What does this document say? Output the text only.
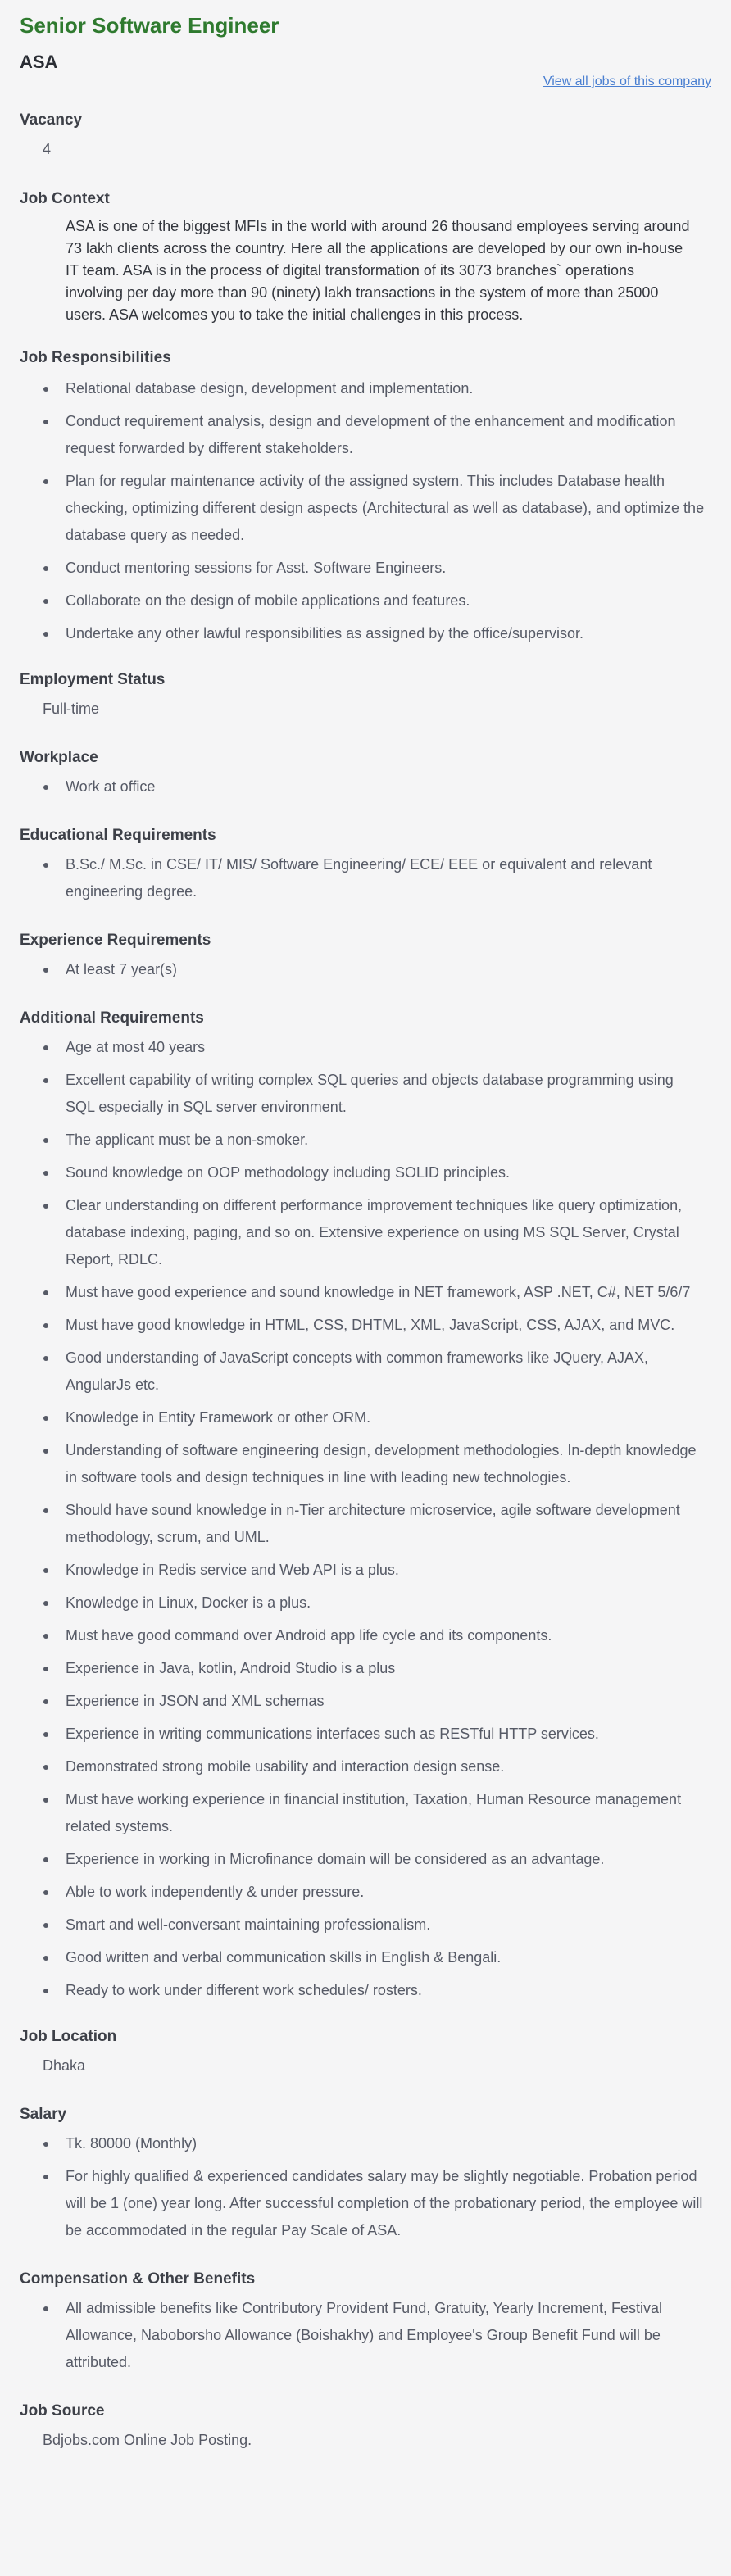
Senior Software Engineer
ASA
View all jobs of this company
Vacancy
4
Job Context

ASA is one of the biggest MFIs in the world with around 26 thousand employees serving around 73 lakh clients across the country. Here all the applications are developed by our own in-house IT team. ASA is in the process of digital transformation of its 3073 branches` operations involving per day more than 90 (ninety) lakh transactions in the system of more than 25000 users. ASA welcomes you to take the initial challenges in this process.

Job Responsibilities
Relational database design, development and implementation.
Conduct requirement analysis, design and development of the enhancement and modification request forwarded by different stakeholders.
Plan for regular maintenance activity of the assigned system. This includes Database health checking, optimizing different design aspects (Architectural as well as database), and optimize the database query as needed.
Conduct mentoring sessions for Asst. Software Engineers.
Collaborate on the design of mobile applications and features.
Undertake any other lawful responsibilities as assigned by the office/supervisor.
Employment Status
Full-time
Workplace
Work at office
Educational Requirements
B.Sc./ M.Sc. in CSE/ IT/ MIS/ Software Engineering/ ECE/ EEE or equivalent and relevant engineering degree.
Experience Requirements
At least 7 year(s)
Additional Requirements
Age at most 40 years
Excellent capability of writing complex SQL queries and objects database programming using SQL especially in SQL server environment.
The applicant must be a non-smoker.
Sound knowledge on OOP methodology including SOLID principles.
Clear understanding on different performance improvement techniques like query optimization, database indexing, paging, and so on. Extensive experience on using MS SQL Server, Crystal Report, RDLC.
Must have good experience and sound knowledge in NET framework, ASP .NET, C#, NET 5/6/7
Must have good knowledge in HTML, CSS, DHTML, XML, JavaScript, CSS, AJAX, and MVC.
Good understanding of JavaScript concepts with common frameworks like JQuery, AJAX, AngularJs etc.
Knowledge in Entity Framework or other ORM.
Understanding of software engineering design, development methodologies. In-depth knowledge in software tools and design techniques in line with leading new technologies.
Should have sound knowledge in n-Tier architecture microservice, agile software development methodology, scrum, and UML.
Knowledge in Redis service and Web API is a plus.
Knowledge in Linux, Docker is a plus.
Must have good command over Android app life cycle and its components.
Experience in Java, kotlin, Android Studio is a plus
Experience in JSON and XML schemas
Experience in writing communications interfaces such as RESTful HTTP services.
Demonstrated strong mobile usability and interaction design sense.
Must have working experience in financial institution, Taxation, Human Resource management related systems.
Experience in working in Microfinance domain will be considered as an advantage.
Able to work independently & under pressure.
Smart and well-conversant maintaining professionalism.
Good written and verbal communication skills in English & Bengali.
Ready to work under different work schedules/ rosters.
Job Location
Dhaka
Salary
Tk. 80000 (Monthly)
For highly qualified & experienced candidates salary may be slightly negotiable. Probation period will be 1 (one) year long. After successful completion of the probationary period, the employee will be accommodated in the regular Pay Scale of ASA.
Compensation & Other Benefits
All admissible benefits like Contributory Provident Fund, Gratuity, Yearly Increment, Festival Allowance, Naboborsho Allowance (Boishakhy) and Employee's Group Benefit Fund will be attributed.
Job Source
Bdjobs.com Online Job Posting.
